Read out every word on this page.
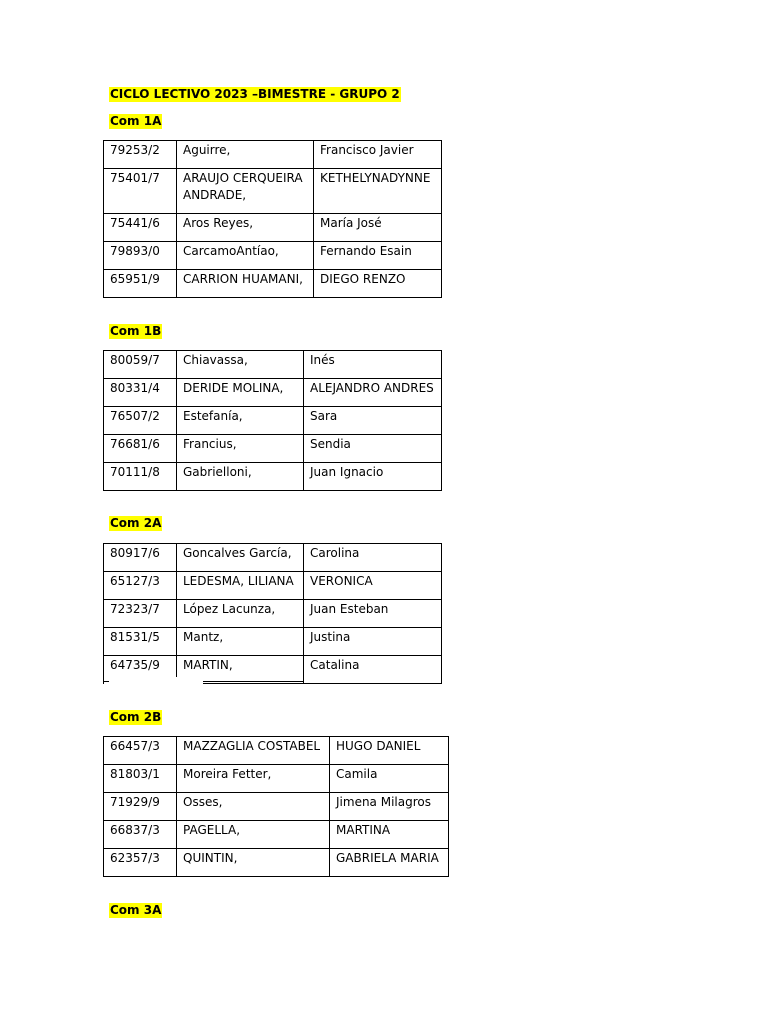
CICLO LECTIVO 2023 –BIMESTRE - GRUPO 2
Com 1A
79253/2	Aguirre,	Francisco Javier
75401/7	ARAUJO CERQUEIRA ANDRADE,	KETHELYNADYNNE
75441/6	Aros Reyes,	María José
79893/0	CarcamoAntíao,	Fernando Esain
65951/9	CARRION HUAMANI,	DIEGO RENZO
Com 1B
80059/7	Chiavassa,	Inés
80331/4	DERIDE MOLINA,	ALEJANDRO ANDRES
76507/2	Estefanía,	Sara
76681/6	Francius,	Sendia
70111/8	Gabrielloni,	Juan Ignacio
Com 2A
80917/6	Goncalves García,	Carolina
65127/3	LEDESMA, LILIANA	VERONICA
72323/7	López Lacunza,	Juan Esteban
81531/5	Mantz,	Justina
64735/9	MARTIN,	Catalina
Com 2B
66457/3	MAZZAGLIA COSTABEL	HUGO DANIEL
81803/1	Moreira Fetter,	Camila
71929/9	Osses,	Jimena Milagros
66837/3	PAGELLA,	MARTINA
62357/3	QUINTIN,	GABRIELA MARIA
Com 3A
